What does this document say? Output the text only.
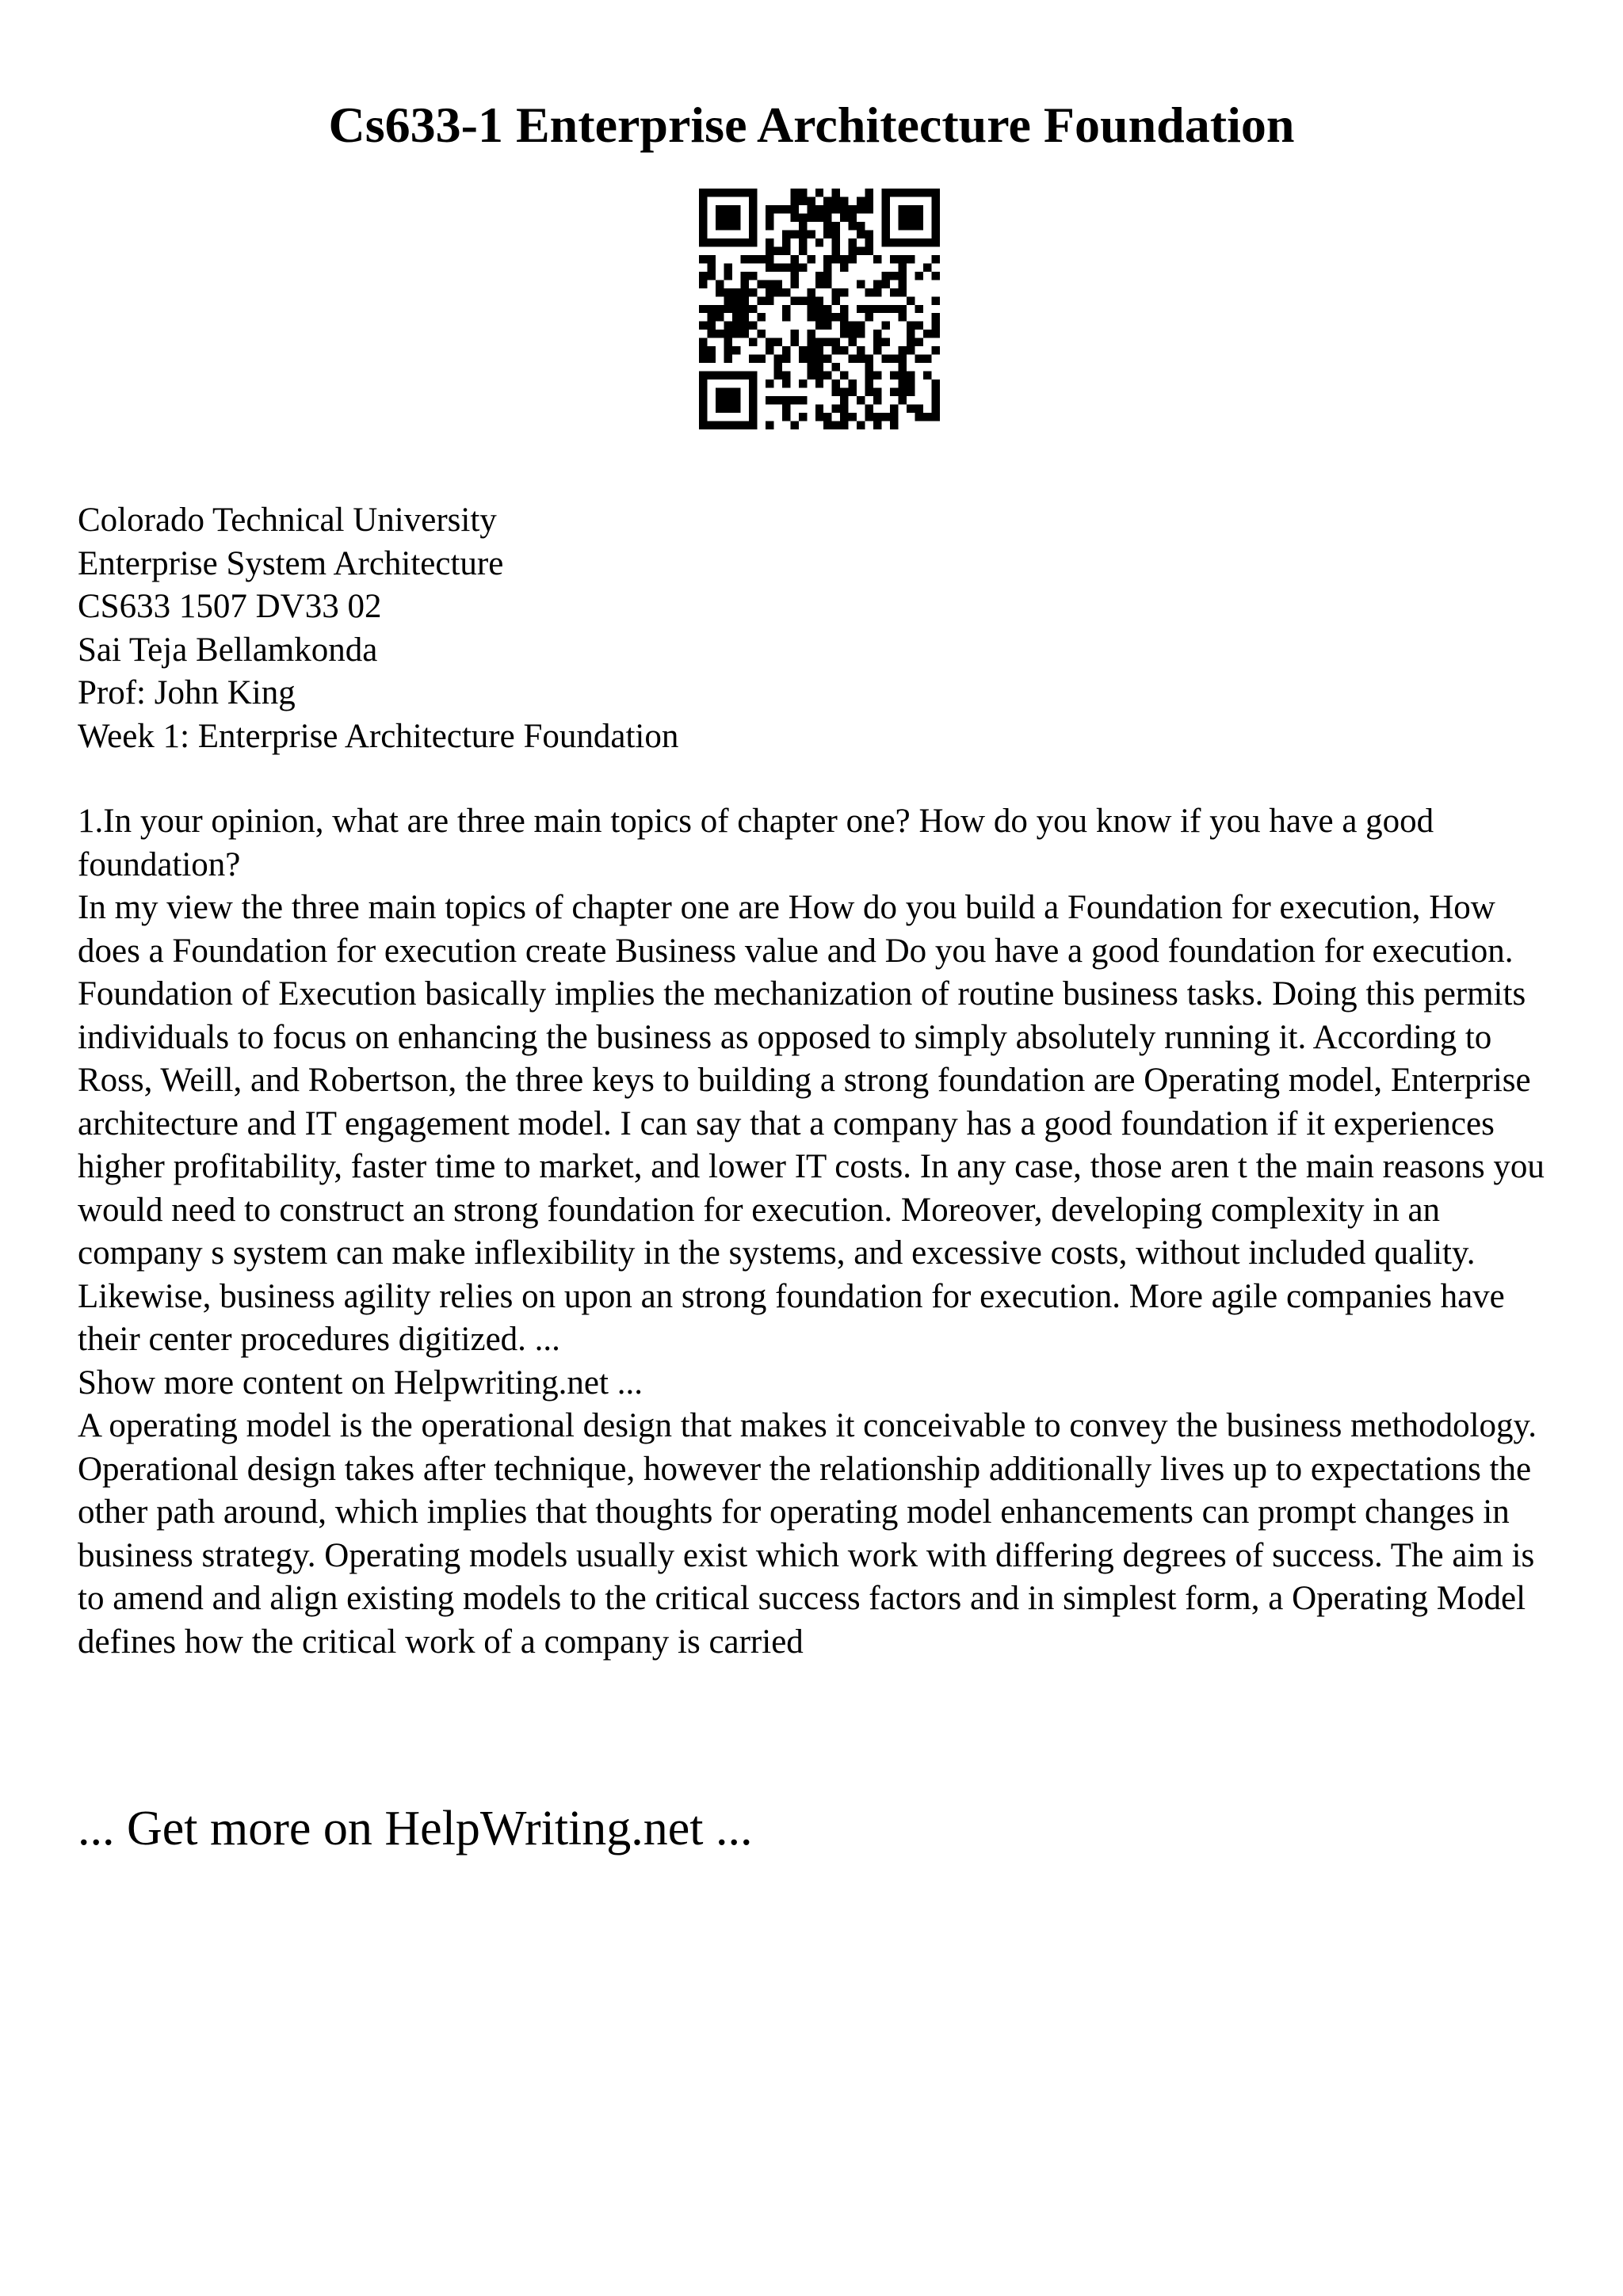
Cs633-1 Enterprise Architecture Foundation
Colorado Technical University
Enterprise System Architecture
CS633 1507 DV33 02
Sai Teja Bellamkonda
Prof: John King
Week 1: Enterprise Architecture Foundation

1.In your opinion, what are three main topics of chapter one? How do you know if you have a good foundation?

In my view the three main topics of chapter one are How do you build a Foundation for execution, How does a Foundation for execution create Business value and Do you have a good foundation for execution.

Foundation of Execution basically implies the mechanization of routine business tasks. Doing this permits individuals to focus on enhancing the business as opposed to simply absolutely running it. According to Ross, Weill, and Robertson, the three keys to building a strong foundation are Operating model, Enterprise architecture and IT engagement model. I can say that a company has a good foundation if it experiences higher profitability, faster time to market, and lower IT costs. In any case, those aren t the main reasons you would need to construct an strong foundation for execution. Moreover, developing complexity in an company s system can make inflexibility in the systems, and excessive costs, without included quality. Likewise, business agility relies on upon an strong foundation for execution. More agile companies have their center procedures digitized. ...

Show more content on Helpwriting.net ...

A operating model is the operational design that makes it conceivable to convey the business methodology. Operational design takes after technique, however the relationship additionally lives up to expectations the other path around, which implies that thoughts for operating model enhancements can prompt changes in business strategy. Operating models usually exist which work with differing degrees of success. The aim is to amend and align existing models to the critical success factors and in simplest form, a Operating Model defines how the critical work of a company is carried

... Get more on HelpWriting.net ...
